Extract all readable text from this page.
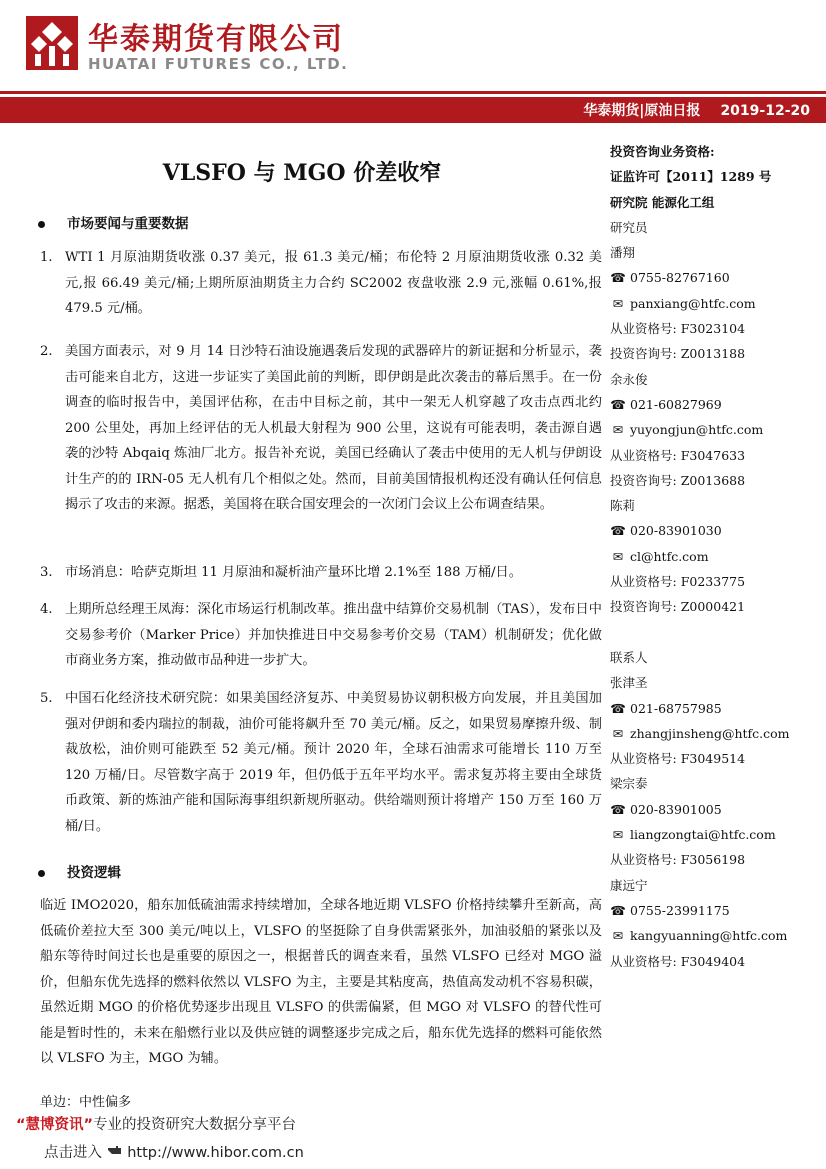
华泰期货有限公司
HUATAI FUTURES CO., LTD.
华泰期货|原油日报 2019-12-20
VLSFO 与 MGO 价差收窄
市场要闻与重要数据
1. WTI 1 月原油期货收涨 0.37 美元，报 61.3 美元/桶；布伦特 2 月原油期货收涨 0.32 美元,报 66.49 美元/桶;上期所原油期货主力合约 SC2002 夜盘收涨 2.9 元,涨幅 0.61%,报 479.5 元/桶。
2. 美国方面表示，对 9 月 14 日沙特石油设施遇袭后发现的武器碎片的新证据和分析显示，袭击可能来自北方，这进一步证实了美国此前的判断，即伊朗是此次袭击的幕后黑手。在一份调查的临时报告中，美国评估称，在击中目标之前，其中一架无人机穿越了攻击点西北约 200 公里处，再加上经评估的无人机最大射程为 900 公里，这说有可能表明，袭击源自遇袭的沙特 Abqaiq 炼油厂北方。报告补充说，美国已经确认了袭击中使用的无人机与伊朗设计生产的的 IRN-05 无人机有几个相似之处。然而，目前美国情报机构还没有确认任何信息揭示了攻击的来源。据悉，美国将在联合国安理会的一次闭门会议上公布调查结果。
3. 市场消息：哈萨克斯坦 11 月原油和凝析油产量环比增 2.1%至 188 万桶/日。
4. 上期所总经理王凤海：深化市场运行机制改革。推出盘中结算价交易机制（TAS），发布日中交易参考价（Marker Price）并加快推进日中交易参考价交易（TAM）机制研发；优化做市商业务方案，推动做市品种进一步扩大。
5. 中国石化经济技术研究院：如果美国经济复苏、中美贸易协议朝积极方向发展，并且美国加强对伊朗和委内瑞拉的制裁，油价可能将飙升至 70 美元/桶。反之，如果贸易摩擦升级、制裁放松，油价则可能跌至 52 美元/桶。预计 2020 年，全球石油需求可能增长 110 万至 120 万桶/日。尽管数字高于 2019 年，但仍低于五年平均水平。需求复苏将主要由全球货币政策、新的炼油产能和国际海事组织新规所驱动。供给端则预计将增产 150 万至 160 万桶/日。
投资逻辑
临近 IMO2020，船东加低硫油需求持续增加，全球各地近期 VLSFO 价格持续攀升至新高，高低硫价差拉大至 300 美元/吨以上，VLSFO 的坚挺除了自身供需紧张外，加油驳船的紧张以及船东等待时间过长也是重要的原因之一，根据普氏的调查来看，虽然 VLSFO 已经对 MGO 溢价，但船东优先选择的燃料依然以 VLSFO 为主，主要是其粘度高，热值高发动机不容易积碳，虽然近期 MGO 的价格优势逐步出现且 VLSFO 的供需偏紧，但 MGO 对 VLSFO 的替代性可能是暂时性的，未来在船燃行业以及供应链的调整逐步完成之后，船东优先选择的燃料可能依然以 VLSFO 为主，MGO 为辅。
单边：中性偏多
投资咨询业务资格:
证监许可【2011】1289 号
研究院 能源化工组
研究员
潘翔
☎ 0755-82767160
✉ panxiang@htfc.com
从业资格号: F3023104
投资咨询号: Z0013188
余永俊
☎ 021-60827969
✉ yuyongjun@htfc.com
从业资格号: F3047633
投资咨询号: Z0013688
陈莉
☎ 020-83901030
✉ cl@htfc.com
从业资格号: F0233775
投资咨询号: Z0000421
联系人
张津圣
☎ 021-68757985
✉ zhangjinsheng@htfc.com
从业资格号: F3049514
梁宗泰
☎ 020-83901005
✉ liangzongtai@htfc.com
从业资格号: F3056198
康远宁
☎ 0755-23991175
✉ kangyuanning@htfc.com
从业资格号: F3049404
“慧博资讯”专业的投资研究大数据分享平台
点击进入 http://www.hibor.com.cn
